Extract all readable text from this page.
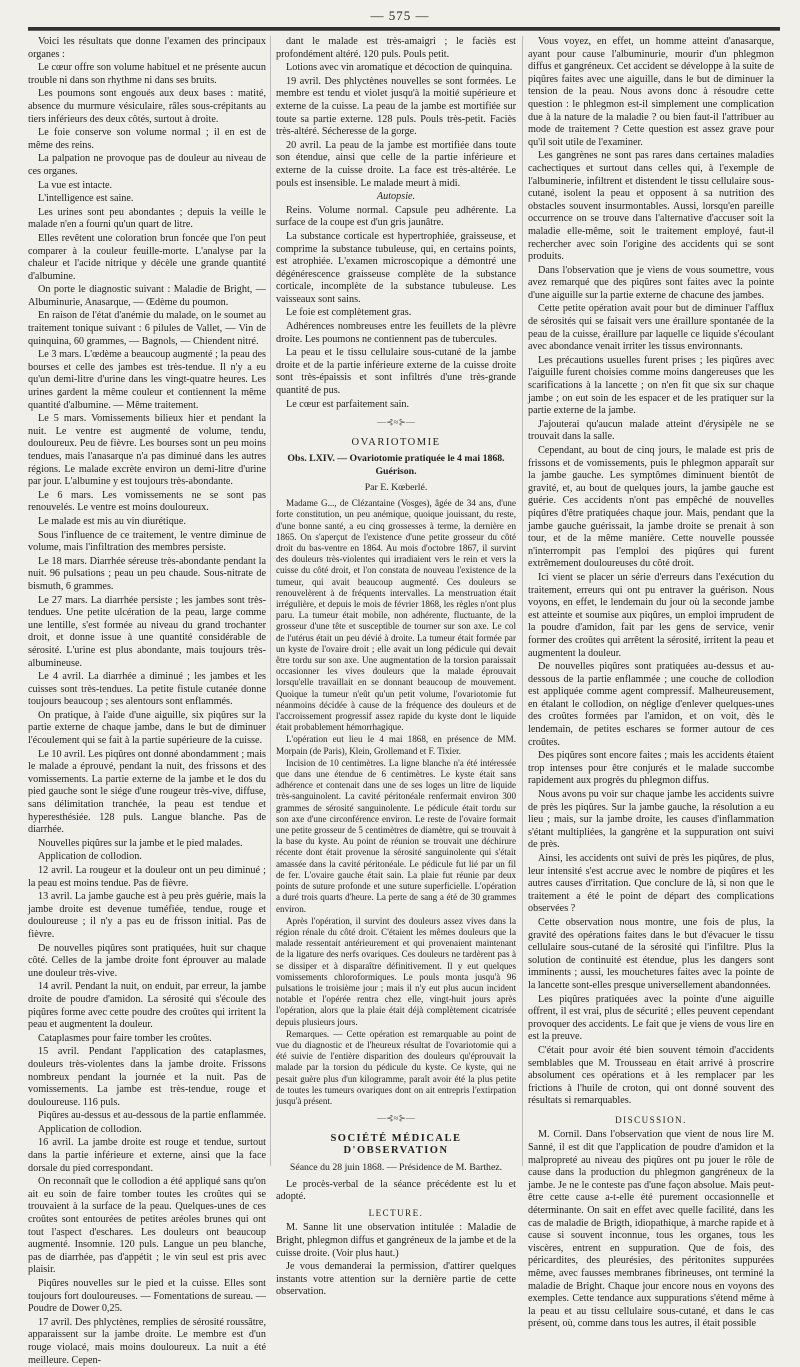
— 575 —

Voici les résultats que donne l'examen des principaux organes :

Le cœur offre son volume habituel et ne présente aucun trouble ni dans son rhythme ni dans ses bruits.

Les poumons sont engoués aux deux bases : matité, absence du murmure vésiculaire, râles sous-crépitants au tiers inférieurs des deux côtés, surtout à droite.

Le foie conserve son volume normal ; il en est de même des reins.

La palpation ne provoque pas de douleur au niveau de ces organes.

La vue est intacte.

L'intelligence est saine.

Les urines sont peu abondantes ; depuis la veille le malade n'en a fourni qu'un quart de litre.

Elles revêtent une coloration brun foncée que l'on peut comparer à la couleur feuille-morte. L'analyse par la chaleur et l'acide nitrique y décèle une grande quantité d'albumine.

On porte le diagnostic suivant : Maladie de Bright, — Albuminurie, Anasarque, — Œdème du poumon.

En raison de l'état d'anémie du malade, on le soumet au traitement tonique suivant : 6 pilules de Vallet, — Vin de quinquina, 60 grammes, — Bagnols, — Chiendent nitré.

Le 3 mars. L'œdème a beaucoup augmenté ; la peau des bourses et celle des jambes est très-tendue. Il n'y a eu qu'un demi-litre d'urine dans les vingt-quatre heures. Les urines gardent la même couleur et contiennent la même quantité d'albumine. — Même traitement.

Le 5 mars. Vomissements bilieux hier et pendant la nuit. Le ventre est augmenté de volume, tendu, douloureux. Peu de fièvre. Les bourses sont un peu moins tendues, mais l'anasarque n'a pas diminué dans les autres régions. Le malade excrète environ un demi-litre d'urine par jour. L'albumine y est toujours très-abondante.

Le 6 mars. Les vomissements ne se sont pas renouvelés. Le ventre est moins douloureux.

Le malade est mis au vin diurétique.

Sous l'influence de ce traitement, le ventre diminue de volume, mais l'infiltration des membres persiste.

Le 18 mars. Diarrhée séreuse très-abondante pendant la nuit. 96 pulsations ; peau un peu chaude. Sous-nitrate de bismuth, 6 grammes.

Le 27 mars. La diarrhée persiste ; les jambes sont très-tendues. Une petite ulcération de la peau, large comme une lentille, s'est formée au niveau du grand trochanter droit, et donne issue à une quantité considérable de sérosité. L'urine est plus abondante, mais toujours très-albumineuse.

Le 4 avril. La diarrhée a diminué ; les jambes et les cuisses sont très-tendues. La petite fistule cutanée donne toujours beaucoup ; ses alentours sont enflammés.

On pratique, à l'aide d'une aiguille, six piqûres sur la partie externe de chaque jambe, dans le but de diminuer l'écoulement qui se fait à la partie supérieure de la cuisse.

Le 10 avril. Les piqûres ont donné abondamment ; mais le malade a éprouvé, pendant la nuit, des frissons et des vomissements. La partie externe de la jambe et le dos du pied gauche sont le siége d'une rougeur très-vive, diffuse, sans délimitation tranchée, la peau est tendue et hyperesthésiée. 128 puls. Langue blanche. Pas de diarrhée.

Nouvelles piqûres sur la jambe et le pied malades.

Application de collodion.

12 avril. La rougeur et la douleur ont un peu diminué ; la peau est moins tendue. Pas de fièvre.

13 avril. La jambe gauche est à peu près guérie, mais la jambe droite est devenue tuméfiée, tendue, rouge et douloureuse ; il n'y a pas eu de frisson initial. Pas de fièvre.

De nouvelles piqûres sont pratiquées, huit sur chaque côté. Celles de la jambe droite font éprouver au malade une douleur très-vive.

14 avril. Pendant la nuit, on enduit, par erreur, la jambe droite de poudre d'amidon. La sérosité qui s'écoule des piqûres forme avec cette poudre des croûtes qui irritent la peau et augmentent la douleur.

Cataplasmes pour faire tomber les croûtes.

15 avril. Pendant l'application des cataplasmes, douleurs très-violentes dans la jambe droite. Frissons nombreux pendant la journée et la nuit. Pas de vomissements. La jambe est très-tendue, rouge et douloureuse. 116 puls.

Piqûres au-dessus et au-dessous de la partie enflammée.

Application de collodion.

16 avril. La jambe droite est rouge et tendue, surtout dans la partie inférieure et externe, ainsi que la face dorsale du pied correspondant.

On reconnaît que le collodion a été appliqué sans qu'on ait eu soin de faire tomber toutes les croûtes qui se trouvaient à la surface de la peau. Quelques-unes de ces croûtes sont entourées de petites aréoles brunes qui ont tout l'aspect d'eschares. Les douleurs ont beaucoup augmenté. Insomnie. 120 puls. Langue un peu blanche, pas de diarrhée, pas d'appétit ; le vin seul est pris avec plaisir.

Piqûres nouvelles sur le pied et la cuisse. Elles sont toujours fort douloureuses. — Fomentations de sureau. — Poudre de Dower 0,25.

17 avril. Des phlyctènes, remplies de sérosité roussâtre, apparaissent sur la jambe droite. Le membre est d'un rouge violacé, mais moins douloureux. La nuit a été meilleure. Cepen-

dant le malade est très-amaigri ; le faciès est profondément altéré. 120 puls. Pouls petit.

Lotions avec vin aromatique et décoction de quinquina.

19 avril. Des phlyctènes nouvelles se sont formées. Le membre est tendu et violet jusqu'à la moitié supérieure et externe de la cuisse. La peau de la jambe est mortifiée sur toute sa partie externe. 128 puls. Pouls très-petit. Faciès très-altéré. Sécheresse de la gorge.

20 avril. La peau de la jambe est mortifiée dans toute son étendue, ainsi que celle de la partie inférieure et externe de la cuisse droite. La face est très-altérée. Le pouls est insensible. Le malade meurt à midi.

Autopsie.

Reins. Volume normal. Capsule peu adhérente. La surface de la coupe est d'un gris jaunâtre.

La substance corticale est hypertrophiée, graisseuse, et comprime la substance tubuleuse, qui, en certains points, est atrophiée. L'examen microscopique a démontré une dégénérescence graisseuse complète de la substance corticale, incomplète de la substance tubuleuse. Les vaisseaux sont sains.

Le foie est complètement gras.

Adhérences nombreuses entre les feuillets de la plèvre droite. Les poumons ne contiennent pas de tubercules.

La peau et le tissu cellulaire sous-cutané de la jambe droite et de la partie inférieure externe de la cuisse droite sont très-épaissis et sont infiltrés d'une très-grande quantité de pus.

Le cœur est parfaitement sain.

—⊰≈⊱—
OVARIOTOMIE
Obs. LXIV. — Ovariotomie pratiquée le 4 mai 1868. Guérison.
Par E. Kœberlé.

Madame G..., de Clézantaine (Vosges), âgée de 34 ans, d'une forte constitution, un peu anémique, quoique jouissant, du reste, d'une bonne santé, a eu cinq grossesses à terme, la dernière en 1865. On s'aperçut de l'existence d'une petite grosseur du côté droit du bas-ventre en 1864. Au mois d'octobre 1867, il survint des douleurs très-violentes qui irradiaient vers le rein et vers la cuisse du côté droit, et l'on constata de nouveau l'existence de la tumeur, qui avait beaucoup augmenté. Ces douleurs se renouvelèrent à de fréquents intervalles. La menstruation était irrégulière, et depuis le mois de février 1868, les règles n'ont plus paru. La tumeur était mobile, non adhérente, fluctuante, de la grosseur d'une tête et susceptible de tourner sur son axe. Le col de l'utérus était un peu dévié à droite. La tumeur était formée par un kyste de l'ovaire droit ; elle avait un long pédicule qui devait être tordu sur son axe. Une augmentation de la torsion paraissait occasionner les vives douleurs que la malade éprouvait lorsqu'elle travaillait en se donnant beaucoup de mouvement. Quoique la tumeur n'eût qu'un petit volume, l'ovariotomie fut néanmoins décidée à cause de la fréquence des douleurs et de l'accroissement progressif assez rapide du kyste dont le liquide était probablement hémorrhagique.

L'opération eut lieu le 4 mai 1868, en présence de MM. Morpain (de Paris), Klein, Grollemand et F. Tixier.

Incision de 10 centimètres. La ligne blanche n'a été intéressée que dans une étendue de 6 centimètres. Le kyste était sans adhérence et contenait dans une de ses loges un litre de liquide très-sanguinolent. La cavité péritonéale renfermait environ 300 grammes de sérosité sanguinolente. Le pédicule était tordu sur son axe d'une circonférence environ. Le reste de l'ovaire formait une petite grosseur de 5 centimètres de diamètre, qui se trouvait à la base du kyste. Au point de réunion se trouvait une déchirure récente dont était provenue la sérosité sanguinolente qui s'était amassée dans la cavité péritonéale. Le pédicule fut lié par un fil de fer. L'ovaire gauche était sain. La plaie fut réunie par deux points de suture profonde et une suture superficielle. L'opération a duré trois quarts d'heure. La perte de sang a été de 30 grammes environ.

Après l'opération, il survint des douleurs assez vives dans la région rénale du côté droit. C'étaient les mêmes douleurs que la malade ressentait antérieurement et qui provenaient maintenant de la ligature des nerfs ovariques. Ces douleurs ne tardèrent pas à se dissiper et à disparaître définitivement. Il y eut quelques vomissements chloroformiques. Le pouls monta jusqu'à 96 pulsations le troisième jour ; mais il n'y eut plus aucun incident notable et l'opérée rentra chez elle, vingt-huit jours après l'opération, alors que la plaie était déjà complètement cicatrisée depuis plusieurs jours.

Remarques. — Cette opération est remarquable au point de vue du diagnostic et de l'heureux résultat de l'ovariotomie qui a été suivie de l'entière disparition des douleurs qu'éprouvait la malade par la torsion du pédicule du kyste. Ce kyste, qui ne pesait guère plus d'un kilogramme, paraît avoir été la plus petite de toutes les tumeurs ovariques dont on ait entrepris l'extirpation jusqu'à présent.

—⊰≈⊱—
SOCIÉTÉ MÉDICALE D'OBSERVATION
Séance du 28 juin 1868. — Présidence de M. Barthez.

Le procès-verbal de la séance précédente est lu et adopté.

LECTURE.

M. Sanne lit une observation intitulée : Maladie de Bright, phlegmon diffus et gangréneux de la jambe et de la cuisse droite. (Voir plus haut.)

Je vous demanderai la permission, d'attirer quelques instants votre attention sur la dernière partie de cette observation.

Vous voyez, en effet, un homme atteint d'anasarque, ayant pour cause l'albuminurie, mourir d'un phlegmon diffus et gangréneux. Cet accident se développe à la suite de piqûres faites avec une aiguille, dans le but de diminuer la tension de la peau. Nous avons donc à résoudre cette question : le phlegmon est-il simplement une complication due à la nature de la maladie ? ou bien faut-il l'attribuer au mode de traitement ? Cette question est assez grave pour qu'il soit utile de l'examiner.

Les gangrènes ne sont pas rares dans certaines maladies cachectiques et surtout dans celles qui, à l'exemple de l'albuminerie, infiltrent et distendent le tissu cellulaire sous-cutané, isolent la peau et opposent à sa nutrition des obstacles souvent insurmontables. Aussi, lorsqu'en pareille occurrence on se trouve dans l'alternative d'accuser soit la maladie elle-même, soit le traitement employé, faut-il rechercher avec soin l'origine des accidents qui se sont produits.

Dans l'observation que je viens de vous soumettre, vous avez remarqué que des piqûres sont faites avec la pointe d'une aiguille sur la partie externe de chacune des jambes.

Cette petite opération avait pour but de diminuer l'afflux de sérosités qui se faisait vers une éraillure spontanée de la peau de la cuisse, éraillure par laquelle ce liquide s'écoulant avec abondance venait irriter les tissus environnants.

Les précautions usuelles furent prises ; les piqûres avec l'aiguille furent choisies comme moins dangereuses que les scarifications à la lancette ; on n'en fit que six sur chaque jambe ; on eut soin de les espacer et de les pratiquer sur la partie externe de la jambe.

J'ajouterai qu'aucun malade atteint d'érysipèle ne se trouvait dans la salle.

Cependant, au bout de cinq jours, le malade est pris de frissons et de vomissements, puis le phlegmon apparaît sur la jambe gauche. Les symptômes diminuent bientôt de gravité, et, au bout de quelques jours, la jambe gauche est guérie. Ces accidents n'ont pas empêché de nouvelles piqûres d'être pratiquées chaque jour. Mais, pendant que la jambe gauche guérissait, la jambe droite se prenait à son tour, et de la même manière. Cette nouvelle poussée n'interrompit pas l'emploi des piqûres qui furent extrêmement douloureuses du côté droit.

Ici vient se placer un série d'erreurs dans l'exécution du traitement, erreurs qui ont pu entraver la guérison. Nous voyons, en effet, le lendemain du jour où la seconde jambe est atteinte et soumise aux piqûres, un emploi imprudent de la poudre d'amidon, fait par les gens de service, venir former des croûtes qui arrêtent la sérosité, irritent la peau et augmentent la douleur.

De nouvelles piqûres sont pratiquées au-dessus et au-dessous de la partie enflammée ; une couche de collodion est appliquée comme agent compressif. Malheureusement, en étalant le collodion, on néglige d'enlever quelques-unes des croûtes formées par l'amidon, et on voit, dès le lendemain, de petites eschares se former autour de ces croûtes.

Des piqûres sont encore faites ; mais les accidents étaient trop intenses pour être conjurés et le malade succombe rapidement aux progrès du phlegmon diffus.

Nous avons pu voir sur chaque jambe les accidents suivre de près les piqûres. Sur la jambe gauche, la résolution a eu lieu ; mais, sur la jambe droite, les causes d'inflammation s'étant multipliées, la gangrène et la suppuration ont suivi de près.

Ainsi, les accidents ont suivi de près les piqûres, de plus, leur intensité s'est accrue avec le nombre de piqûres et les autres causes d'irritation. Que conclure de là, si non que le traitement a été le point de départ des complications observées ?

Cette observation nous montre, une fois de plus, la gravité des opérations faites dans le but d'évacuer le tissu cellulaire sous-cutané de la sérosité qui l'infiltre. Plus la solution de continuité est étendue, plus les dangers sont imminents ; aussi, les mouchetures faites avec la pointe de la lancette sont-elles presque universellement abandonnées.

Les piqûres pratiquées avec la pointe d'une aiguille offrent, il est vrai, plus de sécurité ; elles peuvent cependant provoquer des accidents. Le fait que je viens de vous lire en est la preuve.

C'était pour avoir été bien souvent témoin d'accidents semblables que M. Trousseau en était arrivé à proscrire absolument ces opérations et à les remplacer par les frictions à l'huile de croton, qui ont donné souvent des résultats si remarquables.

DISCUSSION.

M. Cornil. Dans l'observation que vient de nous lire M. Sanné, il est dit que l'application de poudre d'amidon et la malpropreté au niveau des piqûres ont pu jouer le rôle de cause dans la production du phlegmon gangréneux de la jambe. Je ne le conteste pas d'une façon absolue. Mais peut-être cette cause a-t-elle été purement occasionnelle et déterminante. On sait en effet avec quelle facilité, dans les cas de maladie de Brigth, idiopathique, à marche rapide et à cause si souvent inconnue, tous les organes, tous les viscères, entrent en suppuration. Que de fois, des péricardites, des pleurésies, des péritonites suppurées même, avec fausses membranes fibrineuses, ont terminé la maladie de Bright. Chaque jour encore nous en voyons des exemples. Cette tendance aux suppurations s'étend même à la peau et au tissu cellulaire sous-cutané, et dans le cas présent, où, comme dans tous les autres, il était possible
